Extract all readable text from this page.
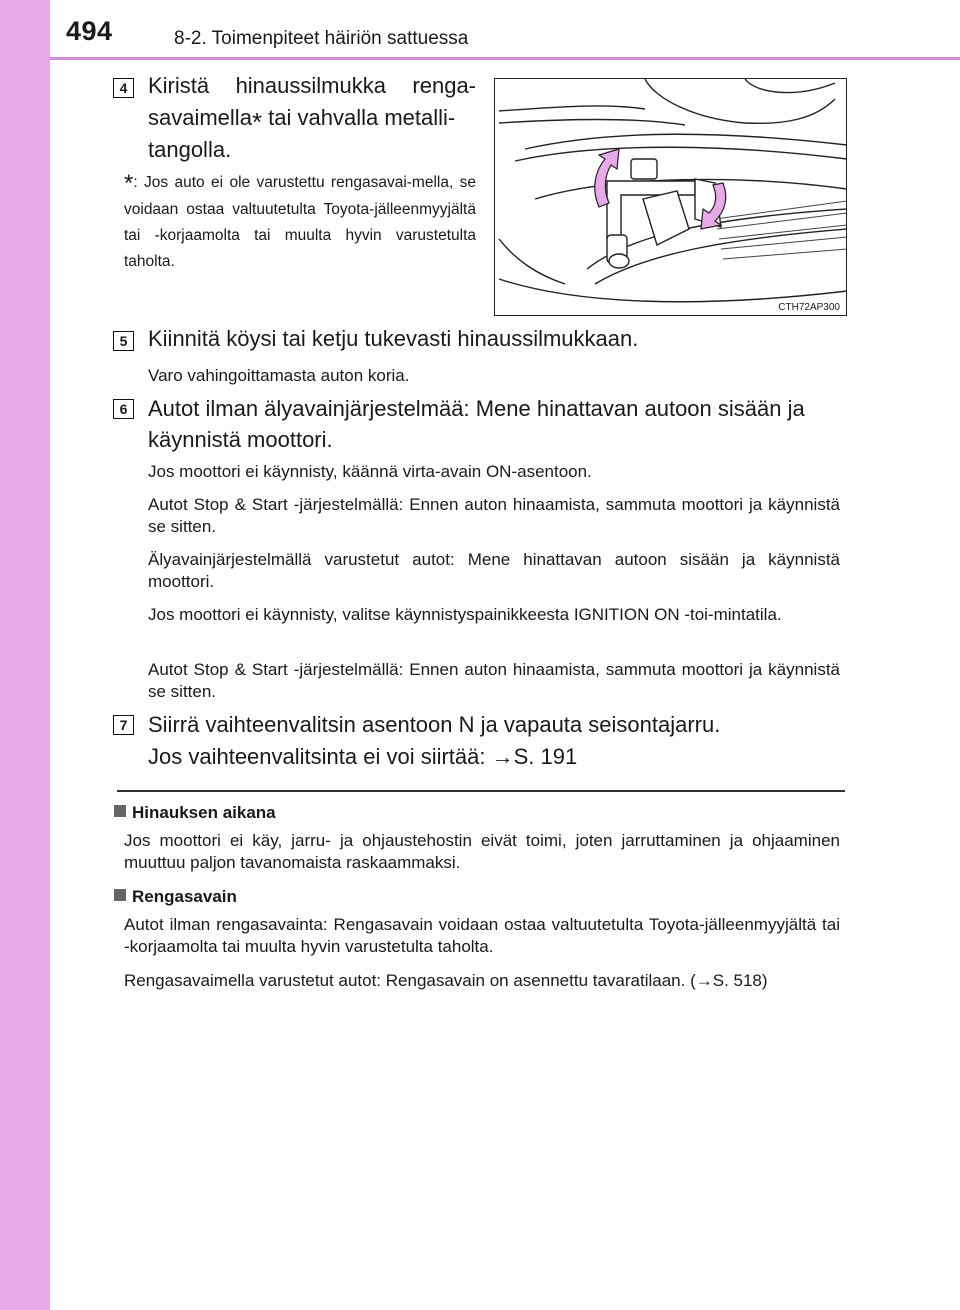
494	8-2. Toimenpiteet häiriön sattuessa
4 Kiristä hinaussilmukka renga-
savaimella* tai vahvalla metalli-
tangolla.
*: Jos auto ei ole varustettu rengasavai-mella, se voidaan ostaa valtuutetulta Toyota-jälleenmyyjältä tai -korjaamolta tai muulta hyvin varustetulta taholta.
CTH72AP300
5 Kiinnitä köysi tai ketju tukevasti hinaussilmukkaan.
Varo vahingoittamasta auton koria.
6 Autot ilman älyavainjärjestelmää: Mene hinattavan autoon sisään ja
käynnistä moottori.
Jos moottori ei käynnisty, käännä virta-avain ON-asentoon.
Autot Stop & Start -järjestelmällä: Ennen auton hinaamista, sammuta moottori ja käynnistä se sitten.
Älyavainjärjestelmällä varustetut autot: Mene hinattavan autoon sisään ja käynnistä moottori.
Jos moottori ei käynnisty, valitse käynnistyspainikkeesta IGNITION ON -toi-mintatila.
Autot Stop & Start -järjestelmällä: Ennen auton hinaamista, sammuta moottori ja käynnistä se sitten.
7 Siirrä vaihteenvalitsin asentoon N ja vapauta seisontajarru.
Jos vaihteenvalitsinta ei voi siirtää: →S. 191
Hinauksen aikana
Jos moottori ei käy, jarru- ja ohjaustehostin eivät toimi, joten jarruttaminen ja ohjaaminen muuttuu paljon tavanomaista raskaammaksi.
Rengasavain
Autot ilman rengasavainta: Rengasavain voidaan ostaa valtuutetulta Toyota-jälleenmyyjältä tai -korjaamolta tai muulta hyvin varustetulta taholta.
Rengasavaimella varustetut autot: Rengasavain on asennettu tavaratilaan. (→S. 518)
